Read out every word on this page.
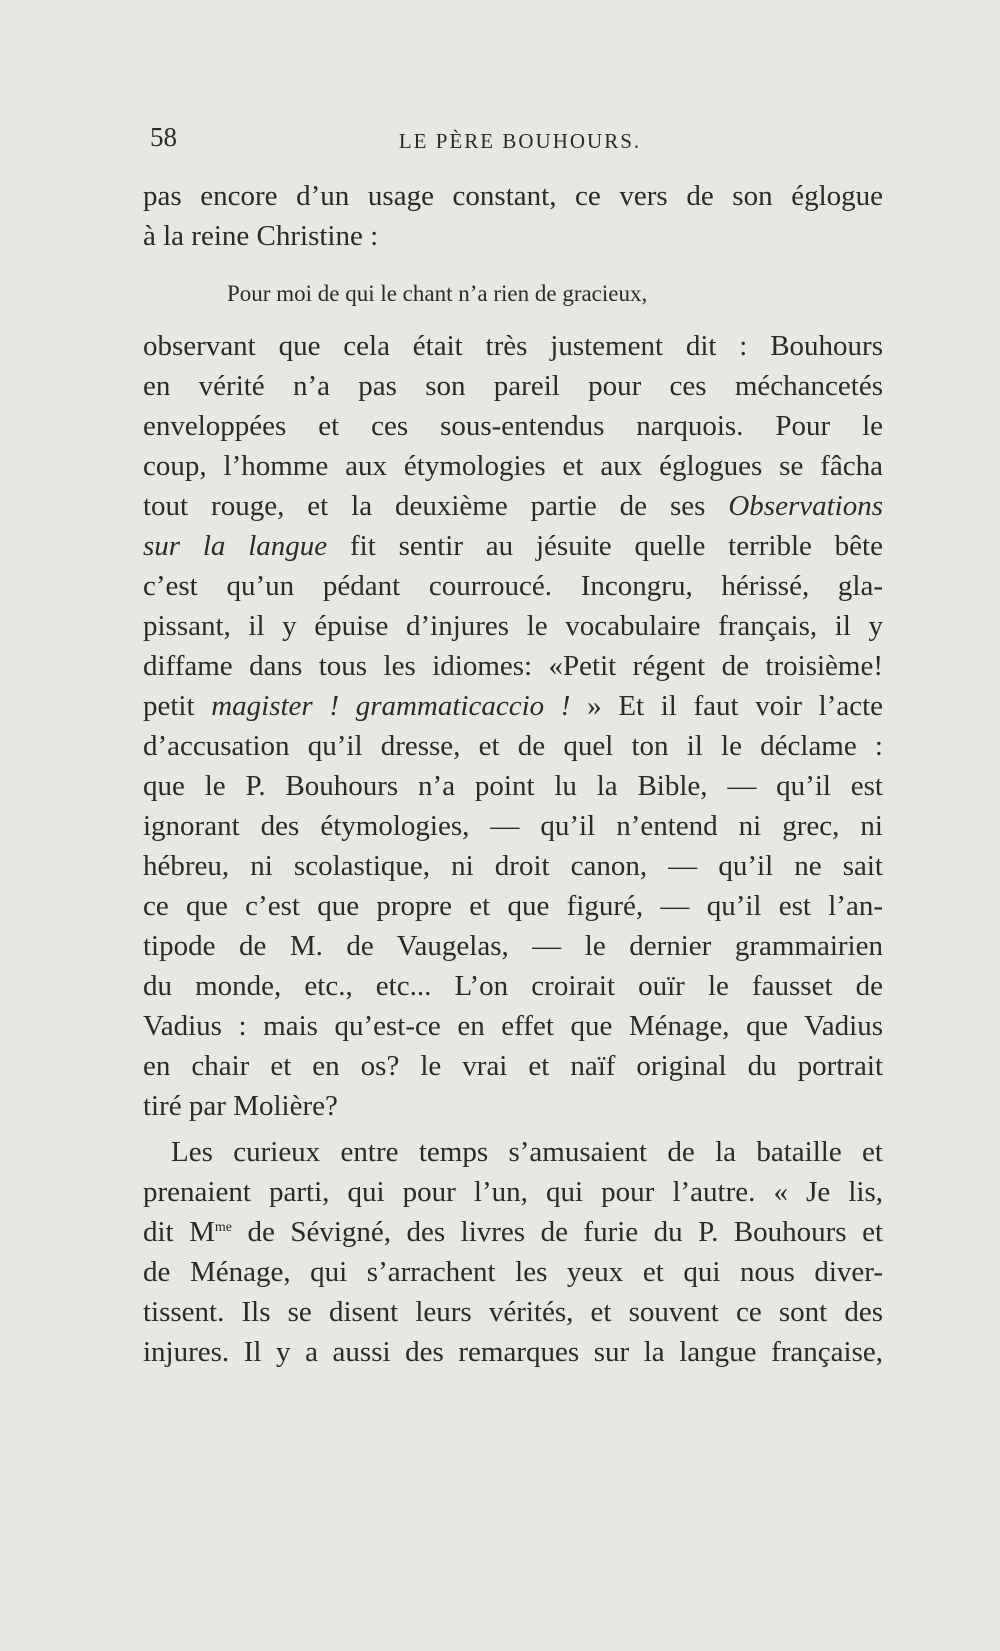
58	LE PÈRE BOUHOURS.
pas encore d’un usage constant, ce vers de son églogue
à la reine Christine :
Pour moi de qui le chant n’a rien de gracieux,
observant que cela était très justement dit : Bouhours
en vérité n’a pas son pareil pour ces méchancetés
enveloppées et ces sous-entendus narquois. Pour le
coup, l’homme aux étymologies et aux églogues se fâcha
tout rouge, et la deuxième partie de ses Observations
sur la langue fit sentir au jésuite quelle terrible bête
c’est qu’un pédant courroucé. Incongru, hérissé, gla-
pissant, il y épuise d’injures le vocabulaire français, il y
diffame dans tous les idiomes: «Petit régent de troisième!
petit magister ! grammaticaccio ! » Et il faut voir l’acte
d’accusation qu’il dresse, et de quel ton il le déclame :
que le P. Bouhours n’a point lu la Bible, — qu’il est
ignorant des étymologies, — qu’il n’entend ni grec, ni
hébreu, ni scolastique, ni droit canon, — qu’il ne sait
ce que c’est que propre et que figuré, — qu’il est l’an-
tipode de M. de Vaugelas, — le dernier grammairien
du monde, etc., etc... L’on croirait ouïr le fausset de
Vadius : mais qu’est-ce en effet que Ménage, que Vadius
en chair et en os? le vrai et naïf original du portrait
tiré par Molière?
Les curieux entre temps s’amusaient de la bataille et
prenaient parti, qui pour l’un, qui pour l’autre. « Je lis,
dit $M^{me}$ de Sévigné, des livres de furie du P. Bouhours et
de Ménage, qui s’arrachent les yeux et qui nous diver-
tissent. Ils se disent leurs vérités, et souvent ce sont des
injures. Il y a aussi des remarques sur la langue française,
